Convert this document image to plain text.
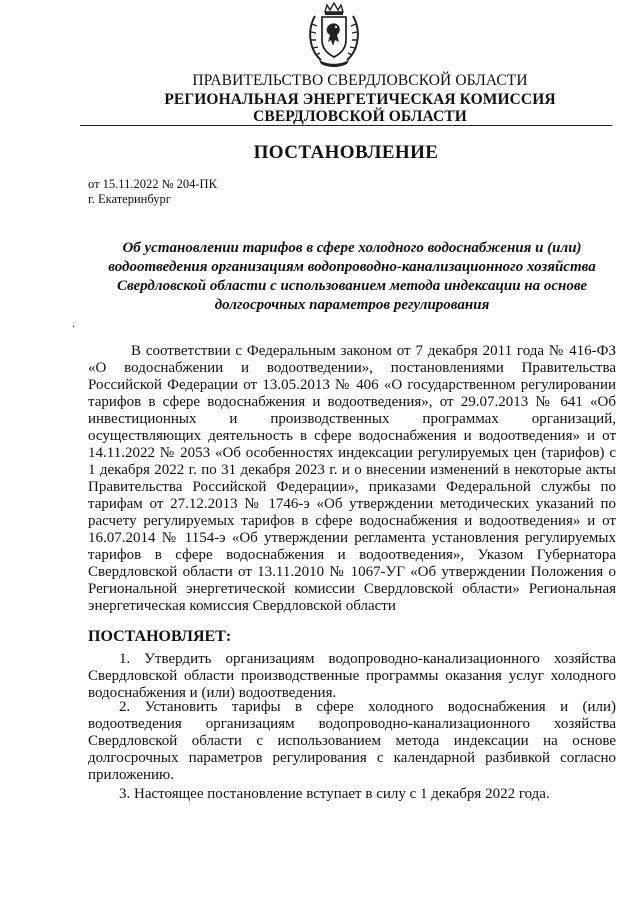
ПРАВИТЕЛЬСТВО СВЕРДЛОВСКОЙ ОБЛАСТИ
РЕГИОНАЛЬНАЯ ЭНЕРГЕТИЧЕСКАЯ КОМИССИЯ
СВЕРДЛОВСКОЙ ОБЛАСТИ
ПОСТАНОВЛЕНИЕ
от 15.11.2022 № 204-ПК
г. Екатеринбург
Об установлении тарифов в сфере холодного водоснабжения и (или) водоотведения организациям водопроводно-канализационного хозяйства Свердловской области с использованием метода индексации на основе долгосрочных параметров регулирования
.

В соответствии с Федеральным законом от 7 декабря 2011 года № 416-ФЗ «О водоснабжении и водоотведении», постановлениями Правительства Российской Федерации от 13.05.2013 № 406 «О государственном регулировании тарифов в сфере водоснабжения и водоотведения», от 29.07.2013 № 641 «Об инвестиционных и производственных программах организаций, осуществляющих деятельность в сфере водоснабжения и водоотведения» и от 14.11.2022 № 2053 «Об особенностях индексации регулируемых цен (тарифов) с 1 декабря 2022 г. по 31 декабря 2023 г. и о внесении изменений в некоторые акты Правительства Российской Федерации», приказами Федеральной службы по тарифам от 27.12.2013 № 1746-э «Об утверждении методических указаний по расчету регулируемых тарифов в сфере водоснабжения и водоотведения» и от 16.07.2014 № 1154-э «Об утверждении регламента установления регулируемых тарифов в сфере водоснабжения и водоотведения», Указом Губернатора Свердловской области от 13.11.2010 № 1067-УГ «Об утверждении Положения о Региональной энергетической комиссии Свердловской области» Региональная энергетическая комиссия Свердловской области

ПОСТАНОВЛЯЕТ:

1. Утвердить организациям водопроводно-канализационного хозяйства Свердловской области производственные программы оказания услуг холодного водоснабжения и (или) водоотведения.

2. Установить тарифы в сфере холодного водоснабжения и (или) водоотведения организациям водопроводно-канализационного хозяйства Свердловской области с использованием метода индексации на основе долгосрочных параметров регулирования с календарной разбивкой согласно приложению.

3. Настоящее постановление вступает в силу с 1 декабря 2022 года.
